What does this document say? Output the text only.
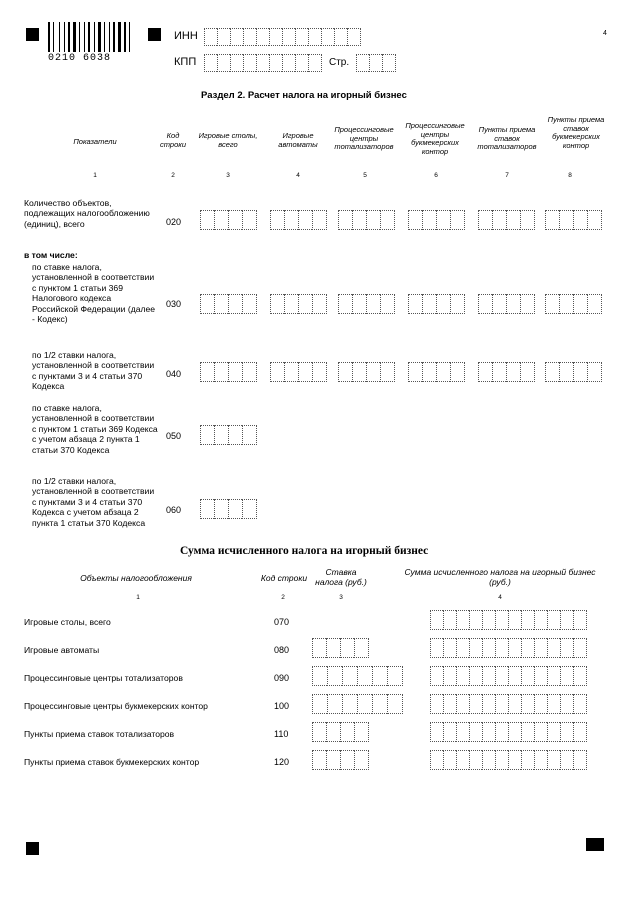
0210 6038
4
ИНН
КПП	Стр.
Раздел 2. Расчет налога на игорный бизнес
Показатели
Код строки
Игровые столы, всего
Игровые автоматы
Процессинговые центры тотализаторов
Процессинговые центры букмекерских контор
Пункты приема ставок тотализаторов
Пункты приема ставок букмекерских контор
1	2	3	4	5	6	7	8
Количество объектов, подлежащих налогообложению (единиц), всего	020
в том числе:
по ставке налога, установленной в соответствии с пунктом 1 статьи 369 Налогового кодекса Российской Федерации (далее - Кодекс)
030
по 1/2 ставки налога, установленной в соответствии с пунктами 3 и 4 статьи 370 Кодекса
040
по ставке налога, установленной в соответствии с пунктом 1 статьи 369 Кодекса с учетом абзаца 2 пункта 1 статьи 370 Кодекса
050
по 1/2 ставки налога, установленной в соответствии с пунктами 3 и 4 статьи 370 Кодекса с учетом абзаца 2 пункта 1 статьи 370 Кодекса
060
Сумма исчисленного налога на игорный бизнес
Объекты налогообложения	Код строки
Ставка налога (руб.)
Сумма исчисленного налога на игорный бизнес (руб.)
1	2	3	4
Игровые столы, всего	070
Игровые автоматы	080
Процессинговые центры тотализаторов	090
Процессинговые центры букмекерских контор	100
Пункты приема ставок тотализаторов	110
Пункты приема ставок букмекерских контор	120
